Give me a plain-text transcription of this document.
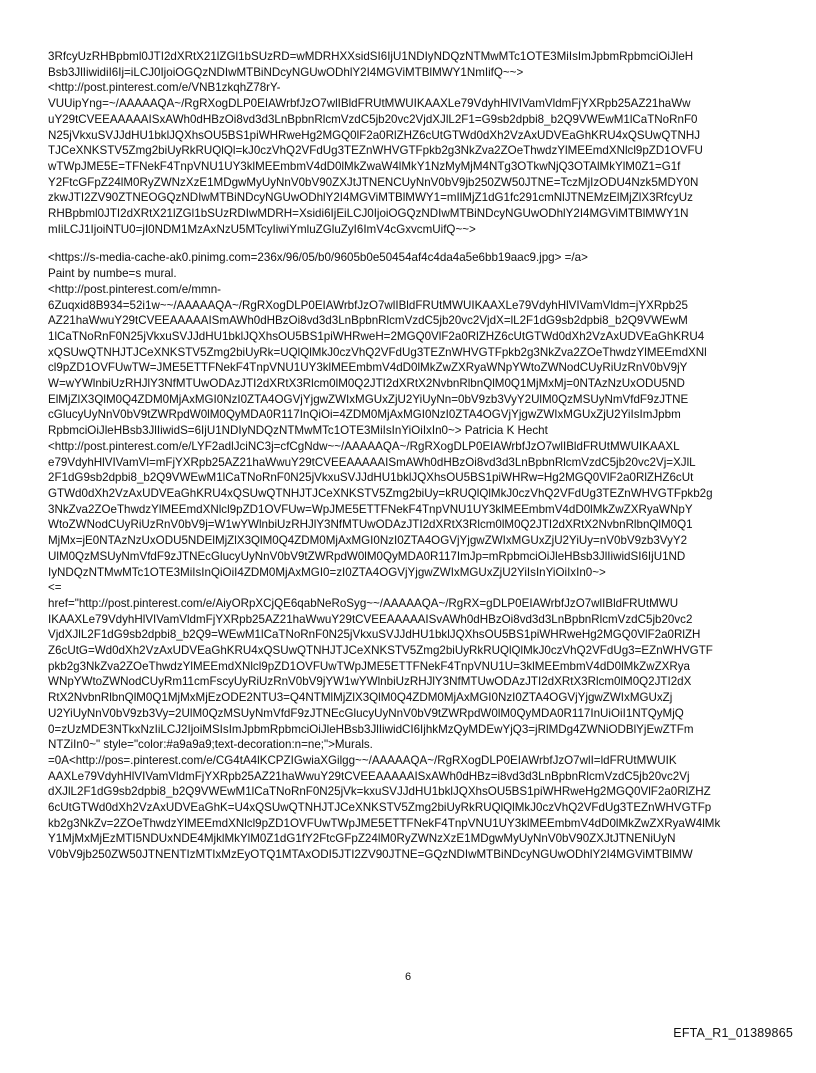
3RfcyUzRHBpbml0JTI2dXRtX21lZGl1bSUzRD=wMDRHXXsidSI6IjU1NDIyNDQzNTMwMTc1OTE3MiIsImJpbmRpbmciOiJleH
Bsb3JlIiwidiI6Ij=iLCJ0IjoiOGQzNDIwMTBiNDcyNGUwODhlY2I4MGViMTBlMWY1NmIifQ~~>
<http://post.pinterest.com/e/VNB1zkqhZ78rY-
VUUipYng=~/AAAAAQA~/RgRXogDLP0EIAWrbfJzO7wlIBldFRUtMWUIKAAXLe79VdyhHlVIVamVldmFjYXRpb25AZ21haWw
uY29tCVEEAAAAAISxAWh0dHBzOi8vd3d3LnBpbnRlcmVzdC5jb20vc2VjdXJlL2F1=G9sb2dpbi8_b2Q9VWEwM1lCaTNoRnF0
N25jVkxuSVJJdHU1bklJQXhsOU5BS1piWHRweHg2MGQ0lF2a0RlZHZ6cUtGTWd0dXh2VzAxUDVEaGhKRU4xQSUwQTNHJ
TJCeXNKSTV5Zmg2biUyRkRUQlQl=kJ0czVhQ2VFdUg3TEZnWHVGTFpkb2g3NkZva2ZOeThwdzYlMEEmdXNlcl9pZD1OVFU
wTWpJME5E=TFNekF4TnpVNU1UY3klMEEmbmV4dD0lMkZwaW4lMkY1NzMyMjM4NTg3OTkwNjQ3OTAlMkYlM0Z1=G1f
Y2FtcGFpZ24lM0RyZWNzXzE1MDgwMyUyNnV0bV90ZXJtJTNENCUyNnV0bV9jb250ZW50JTNE=TczMjIzODU4Nzk5MDY0N
zkwJTI2ZV90ZTNEOGQzNDIwMTBiNDcyNGUwODhlY2I4MGViMTBlMWY1=mIlMjZ1dG1fc291cmNlJTNEMzElMjZlX3RfcyUz
RHBpbml0JTI2dXRtX21lZGl1bSUzRDIwMDRH=Xsidi6IjEiLCJ0IjoiOGQzNDIwMTBiNDcyNGUwODhlY2I4MGViMTBlMWY1N
mIiLCJ1IjoiNTU0=jI0NDM1MzAxNzU5MTcyIiwiYmluZGluZyI6ImV4cGxvcmUifQ~~>
<https://s-media-cache-ak0.pinimg.com=236x/96/05/b0/9605b0e50454af4c4da4a5e6bb19aac9.jpg> =/a>
Paint by numbe=s mural.
<http://post.pinterest.com/e/mmn-
6Zuqxid8B934=52i1w~~/AAAAAQA~/RgRXogDLP0EIAWrbfJzO7wlIBldFRUtMWUIKAAXLe79VdyhHlVIVamVldm=jYXRpb25
AZ21haWwuY29tCVEEAAAAAISmAWh0dHBzOi8vd3d3LnBpbnRlcmVzdC5jb20vc2VjdX=lL2F1dG9sb2dpbi8_b2Q9VWEwM
1lCaTNoRnF0N25jVkxuSVJJdHU1bklJQXhsOU5BS1piWHRweH=2MGQ0VlF2a0RlZHZ6cUtGTWd0dXh2VzAxUDVEaGhKRU4
xQSUwQTNHJTJCeXNKSTV5Zmg2biUyRk=UQlQlMkJ0czVhQ2VFdUg3TEZnWHVGTFpkb2g3NkZva2ZOeThwdzYlMEEmdXNl
cl9pZD1OVFUwTW=JME5ETTFNekF4TnpVNU1UY3klMEEmbmV4dD0lMkZwZXRyaWNpYWtoZWNodCUyRiUzRnV0bV9jY
W=wYWlnbiUzRHJlY3NfMTUwODAzJTI2dXRtX3Rlcm0lM0Q2JTI2dXRtX2NvbnRlbnQlM0Q1MjMxMj=0NTAzNzUxODU5ND
ElMjZlX3QlM0Q4ZDM0MjAxMGI0NzI0ZTA4OGVjYjgwZWIxMGUxZjU2YiUyNn=0bV9zb3VyY2UlM0QzMSUyNmVfdF9zJTNE
cGlucyUyNnV0bV9tZWRpdW0lM0QyMDA0R117InQiOi=4ZDM0MjAxMGI0NzI0ZTA4OGVjYjgwZWIxMGUxZjU2YiIsImJpbm
RpbmciOiJleHBsb3JlIiwidS=6IjU1NDIyNDQzNTMwMTc1OTE3MiIsInYiOiIxIn0~> Patricia K Hecht
<http://post.pinterest.com/e/LYF2adlJciNC3j=cfCgNdw~~/AAAAAQA~/RgRXogDLP0EIAWrbfJzO7wlIBldFRUtMWUIKAAXL
e79VdyhHlVIVamVl=mFjYXRpb25AZ21haWwuY29tCVEEAAAAAISmAWh0dHBzOi8vd3d3LnBpbnRlcmVzdC5jb20vc2Vj=XJlL
2F1dG9sb2dpbi8_b2Q9VWEwM1lCaTNoRnF0N25jVkxuSVJJdHU1bklJQXhsOU5BS1piWHRw=Hg2MGQ0VlF2a0RlZHZ6cUt
GTWd0dXh2VzAxUDVEaGhKRU4xQSUwQTNHJTJCeXNKSTV5Zmg2biUy=kRUQlQlMkJ0czVhQ2VFdUg3TEZnWHVGTFpkb2g
3NkZva2ZOeThwdzYlMEEmdXNlcl9pZD1OVFUw=WpJME5ETTFNekF4TnpVNU1UY3klMEEmbmV4dD0lMkZwZXRyaWNpY
WtoZWNodCUyRiUzRnV0bV9j=W1wYWlnbiUzRHJlY3NfMTUwODAzJTI2dXRtX3Rlcm0lM0Q2JTI2dXRtX2NvbnRlbnQlM0Q1
MjMx=jE0NTAzNzUxODU5NDElMjZlX3QlM0Q4ZDM0MjAxMGI0NzI0ZTA4OGVjYjgwZWIxMGUxZjU2YiUy=nV0bV9zb3VyY2
UlM0QzMSUyNmVfdF9zJTNEcGlucyUyNnV0bV9tZWRpdW0lM0QyMDA0R117ImJp=mRpbmciOiJleHBsb3JlIiwidSI6IjU1ND
IyNDQzNTMwMTc1OTE3MiIsInQiOiI4ZDM0MjAxMGI0=zI0ZTA4OGVjYjgwZWIxMGUxZjU2YiIsInYiOiIxIn0~>
<=
href="http://post.pinterest.com/e/AiyORpXCjQE6qabNeRoSyg~~/AAAAAQA~/RgRX=gDLP0EIAWrbfJzO7wlIBldFRUtMWU
IKAAXLe79VdyhHlVIVamVldmFjYXRpb25AZ21haWwuY29tCVEEAAAAAISvAWh0dHBzOi8vd3d3LnBpbnRlcmVzdC5jb20vc2
VjdXJlL2F1dG9sb2dpbi8_b2Q9=WEwM1lCaTNoRnF0N25jVkxuSVJJdHU1bklJQXhsOU5BS1piWHRweHg2MGQ0VlF2a0RlZH
Z6cUtG=Wd0dXh2VzAxUDVEaGhKRU4xQSUwQTNHJTJCeXNKSTV5Zmg2biUyRkRUQlQlMkJ0czVhQ2VFdUg3=EZnWHVGTF
pkb2g3NkZva2ZOeThwdzYlMEEmdXNlcl9pZD1OVFUwTWpJME5ETTFNekF4TnpVNU1U=3klMEEmbmV4dD0lMkZwZXRya
WNpYWtoZWNodCUyRm11cmFscyUyRiUzRnV0bV9jYW1wYWlnbiUzRHJlY3NfMTUwODAzJTI2dXRtX3Rlcm0lM0Q2JTI2dX
RtX2NvbnRlbnQlM0Q1MjMxMjEzODE2NTU3=Q4NTMlMjZlX3QlM0Q4ZDM0MjAxMGI0NzI0ZTA4OGVjYjgwZWIxMGUxZj
U2YiUyNnV0bV9zb3Vy=2UlM0QzMSUyNmVfdF9zJTNEcGlucyUyNnV0bV9tZWRpdW0lM0QyMDA0R117InUiOiI1NTQyMjQ
0=zUzMDE3NTkxNzIiLCJ2IjoiMSIsImJpbmRpbmciOiJleHBsb3JlIiwidCI6IjhkMzQyMDEwYjQ3=jRlMDg4ZWNiODBlYjEwZTFm
NTZiIn0~" style="color:#a9a9a9;text-decoration:n=ne;">Murals.
=0A<http://pos=.pinterest.com/e/CG4tA4lKCPZIGwiaXGilgg~~/AAAAAQA~/RgRXogDLP0EIAWrbfJzO7wlI=ldFRUtMWUIK
AAXLe79VdyhHlVIVamVldmFjYXRpb25AZ21haWwuY29tCVEEAAAAAISxAWh0dHBz=i8vd3d3LnBpbnRlcmVzdC5jb20vc2Vj
dXJlL2F1dG9sb2dpbi8_b2Q9VWEwM1lCaTNoRnF0N25jVk=kxuSVJJdHU1bklJQXhsOU5BS1piWHRweHg2MGQ0VlF2a0RlZHZ
6cUtGTWd0dXh2VzAxUDVEaGhK=U4xQSUwQTNHJTJCeXNKSTV5Zmg2biUyRkRUQlQlMkJ0czVhQ2VFdUg3TEZnWHVGTFp
kb2g3NkZv=2ZOeThwdzYlMEEmdXNlcl9pZD1OVFUwTWpJME5ETTFNekF4TnpVNU1UY3klMEEmbmV4dD0lMkZwZXRyaW4lMk
Y1MjMxMjEzMTI5NDUxNDE4MjklMkYlM0Z1dG1fY2FtcGFpZ24lM0RyZWNzXzE1MDgwMyUyNnV0bV90ZXJtJTNENiUyN
V0bV9jb250ZW50JTNENTIzMTIxMzEyOTQ1MTAxODI5JTI2ZV90JTNE=GQzNDIwMTBiNDcyNGUwODhlY2I4MGViMTBlMW
6
EFTA_R1_01389865
